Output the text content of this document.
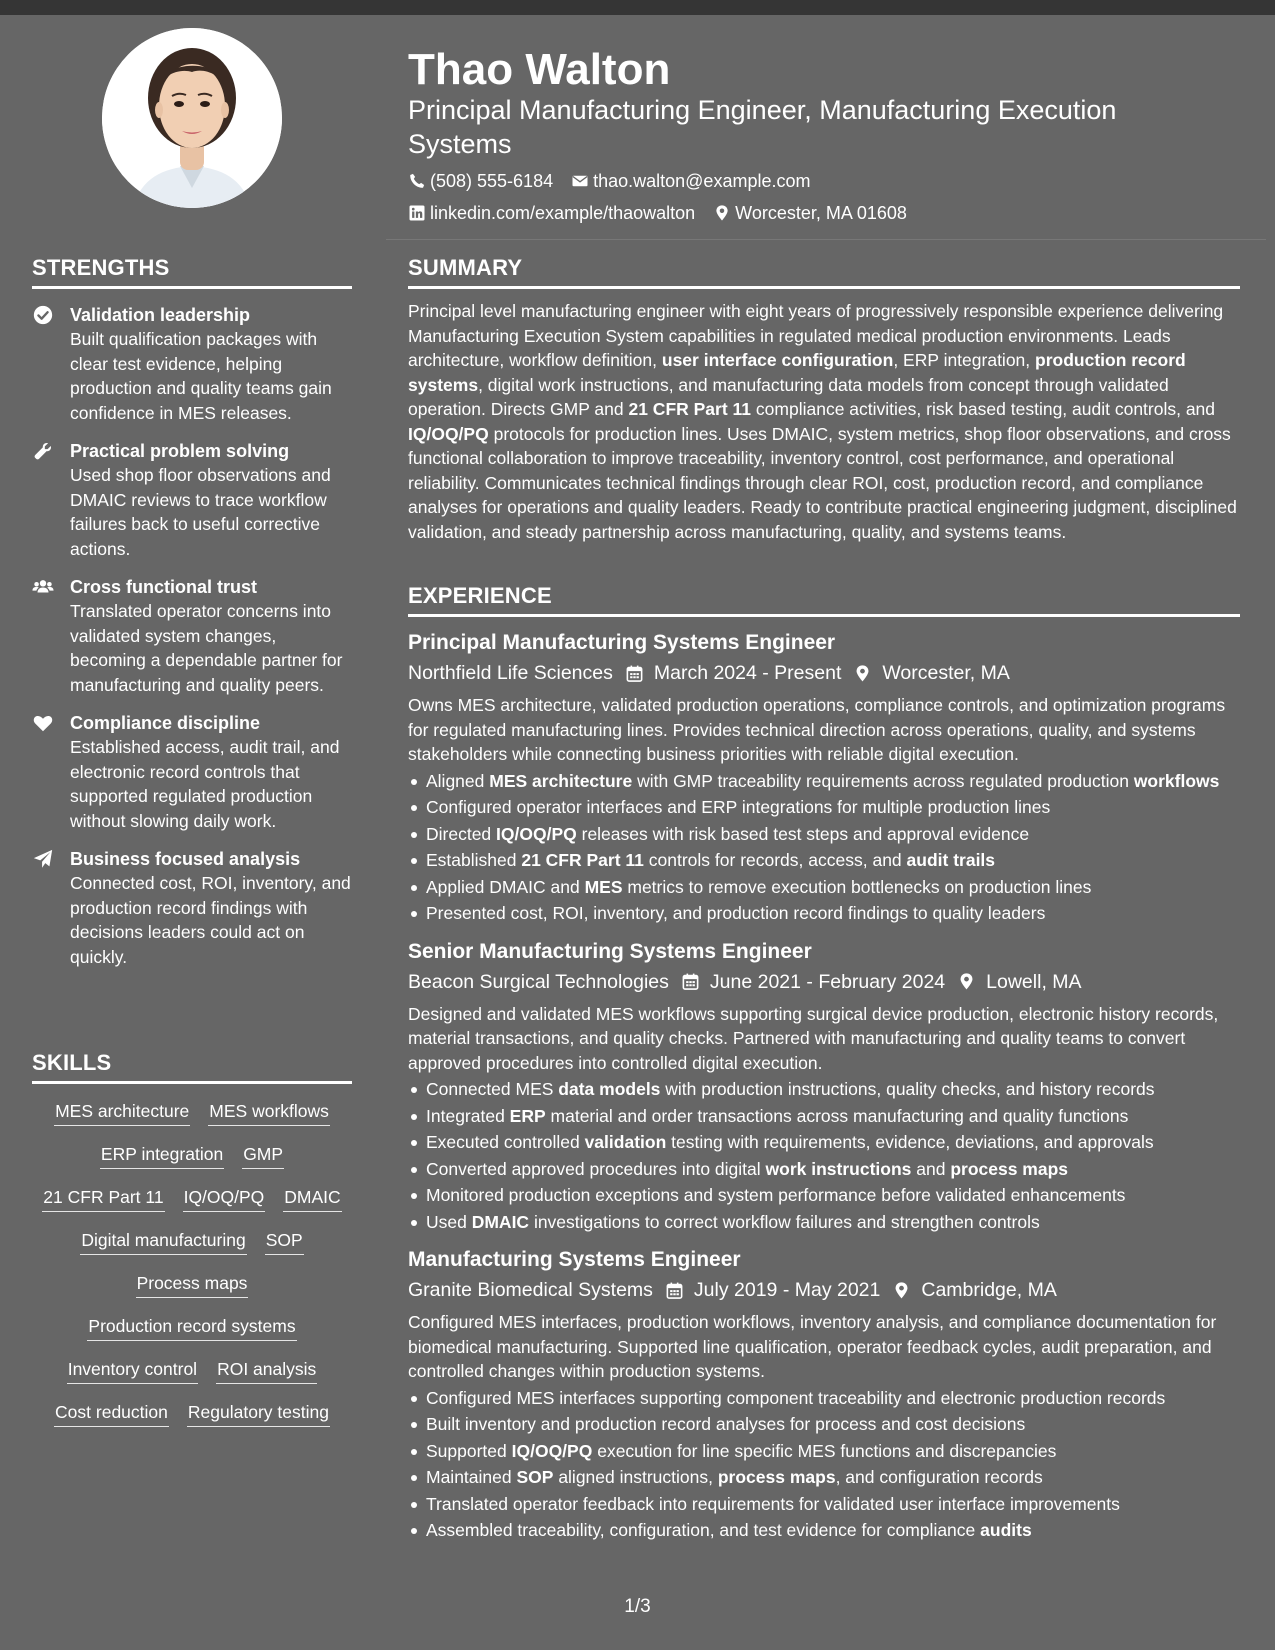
STRENGTHS
Validation leadership
Built qualification packages with clear test evidence, helping production and quality teams gain confidence in MES releases.
Practical problem solving
Used shop floor observations and DMAIC reviews to trace workflow failures back to useful corrective actions.
Cross functional trust
Translated operator concerns into validated system changes, becoming a dependable partner for manufacturing and quality peers.
Compliance discipline
Established access, audit trail, and electronic record controls that supported regulated production without slowing daily work.
Business focused analysis
Connected cost, ROI, inventory, and production record findings with decisions leaders could act on quickly.
SKILLS
MES architecture MES workflows
ERP integration GMP
21 CFR Part 11 IQ/OQ/PQ DMAIC
Digital manufacturing SOP
Process maps
Production record systems
Inventory control ROI analysis
Cost reduction Regulatory testing
Thao Walton
Principal Manufacturing Engineer, Manufacturing Execution Systems
(508) 555-6184 thao.walton@example.com
linkedin.com/example/thaowalton Worcester, MA 01608
SUMMARY
Principal level manufacturing engineer with eight years of progressively responsible experience delivering Manufacturing Execution System capabilities in regulated medical production environments. Leads architecture, workflow definition, user interface configuration, ERP integration, production record systems, digital work instructions, and manufacturing data models from concept through validated operation. Directs GMP and 21 CFR Part 11 compliance activities, risk based testing, audit controls, and IQ/OQ/PQ protocols for production lines. Uses DMAIC, system metrics, shop floor observations, and cross functional collaboration to improve traceability, inventory control, cost performance, and operational reliability. Communicates technical findings through clear ROI, cost, production record, and compliance analyses for operations and quality leaders. Ready to contribute practical engineering judgment, disciplined validation, and steady partnership across manufacturing, quality, and systems teams.
EXPERIENCE
Principal Manufacturing Systems Engineer
Northfield Life Sciences March 2024 - Present Worcester, MA
Owns MES architecture, validated production operations, compliance controls, and optimization programs for regulated manufacturing lines. Provides technical direction across operations, quality, and systems stakeholders while connecting business priorities with reliable digital execution.
Aligned MES architecture with GMP traceability requirements across regulated production workflows
Configured operator interfaces and ERP integrations for multiple production lines
Directed IQ/OQ/PQ releases with risk based test steps and approval evidence
Established 21 CFR Part 11 controls for records, access, and audit trails
Applied DMAIC and MES metrics to remove execution bottlenecks on production lines
Presented cost, ROI, inventory, and production record findings to quality leaders
Senior Manufacturing Systems Engineer
Beacon Surgical Technologies June 2021 - February 2024 Lowell, MA
Designed and validated MES workflows supporting surgical device production, electronic history records, material transactions, and quality checks. Partnered with manufacturing and quality teams to convert approved procedures into controlled digital execution.
Connected MES data models with production instructions, quality checks, and history records
Integrated ERP material and order transactions across manufacturing and quality functions
Executed controlled validation testing with requirements, evidence, deviations, and approvals
Converted approved procedures into digital work instructions and process maps
Monitored production exceptions and system performance before validated enhancements
Used DMAIC investigations to correct workflow failures and strengthen controls
Manufacturing Systems Engineer
Granite Biomedical Systems July 2019 - May 2021 Cambridge, MA
Configured MES interfaces, production workflows, inventory analysis, and compliance documentation for biomedical manufacturing. Supported line qualification, operator feedback cycles, audit preparation, and controlled changes within production systems.
Configured MES interfaces supporting component traceability and electronic production records
Built inventory and production record analyses for process and cost decisions
Supported IQ/OQ/PQ execution for line specific MES functions and discrepancies
Maintained SOP aligned instructions, process maps, and configuration records
Translated operator feedback into requirements for validated user interface improvements
Assembled traceability, configuration, and test evidence for compliance audits
1/3
